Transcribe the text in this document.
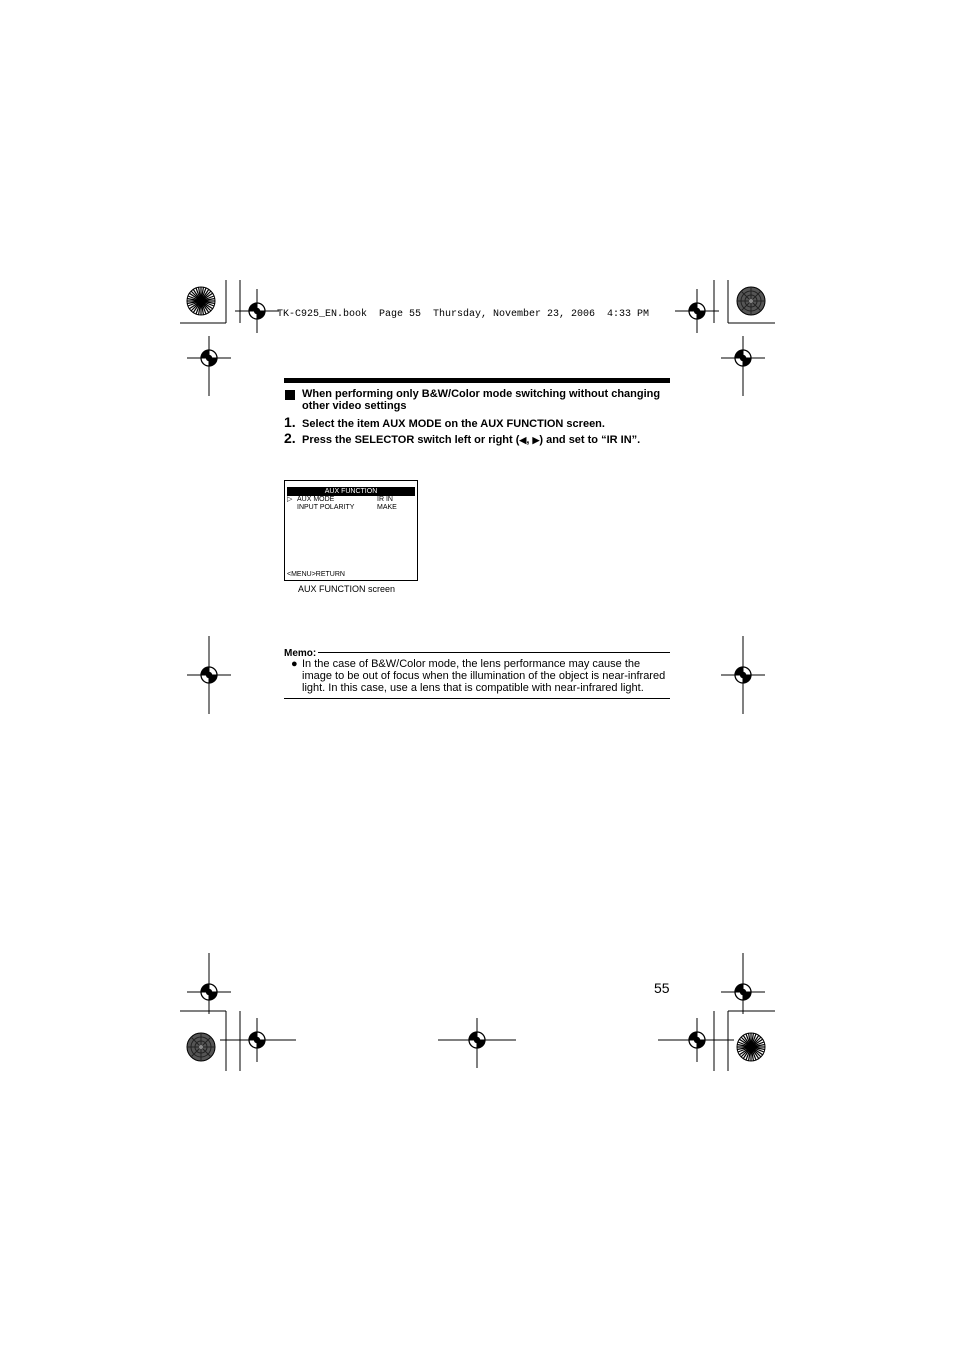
TK-C925_EN.book  Page 55  Thursday, November 23, 2006  4:33 PM
When performing only B&W/Color mode switching without changing
other video settings
1. Select the item AUX MODE on the AUX FUNCTION screen.
2. Press the SELECTOR switch left or right (◀, ▶) and set to “IR IN”.
AUX FUNCTION
▷ AUX MODE	IR IN
INPUT POLARITY	MAKE
<MENU>RETURN
AUX FUNCTION screen
Memo:
● In the case of B&W/Color mode, the lens performance may cause the
image to be out of focus when the illumination of the object is near-infrared
light. In this case, use a lens that is compatible with near-infrared light.
55
